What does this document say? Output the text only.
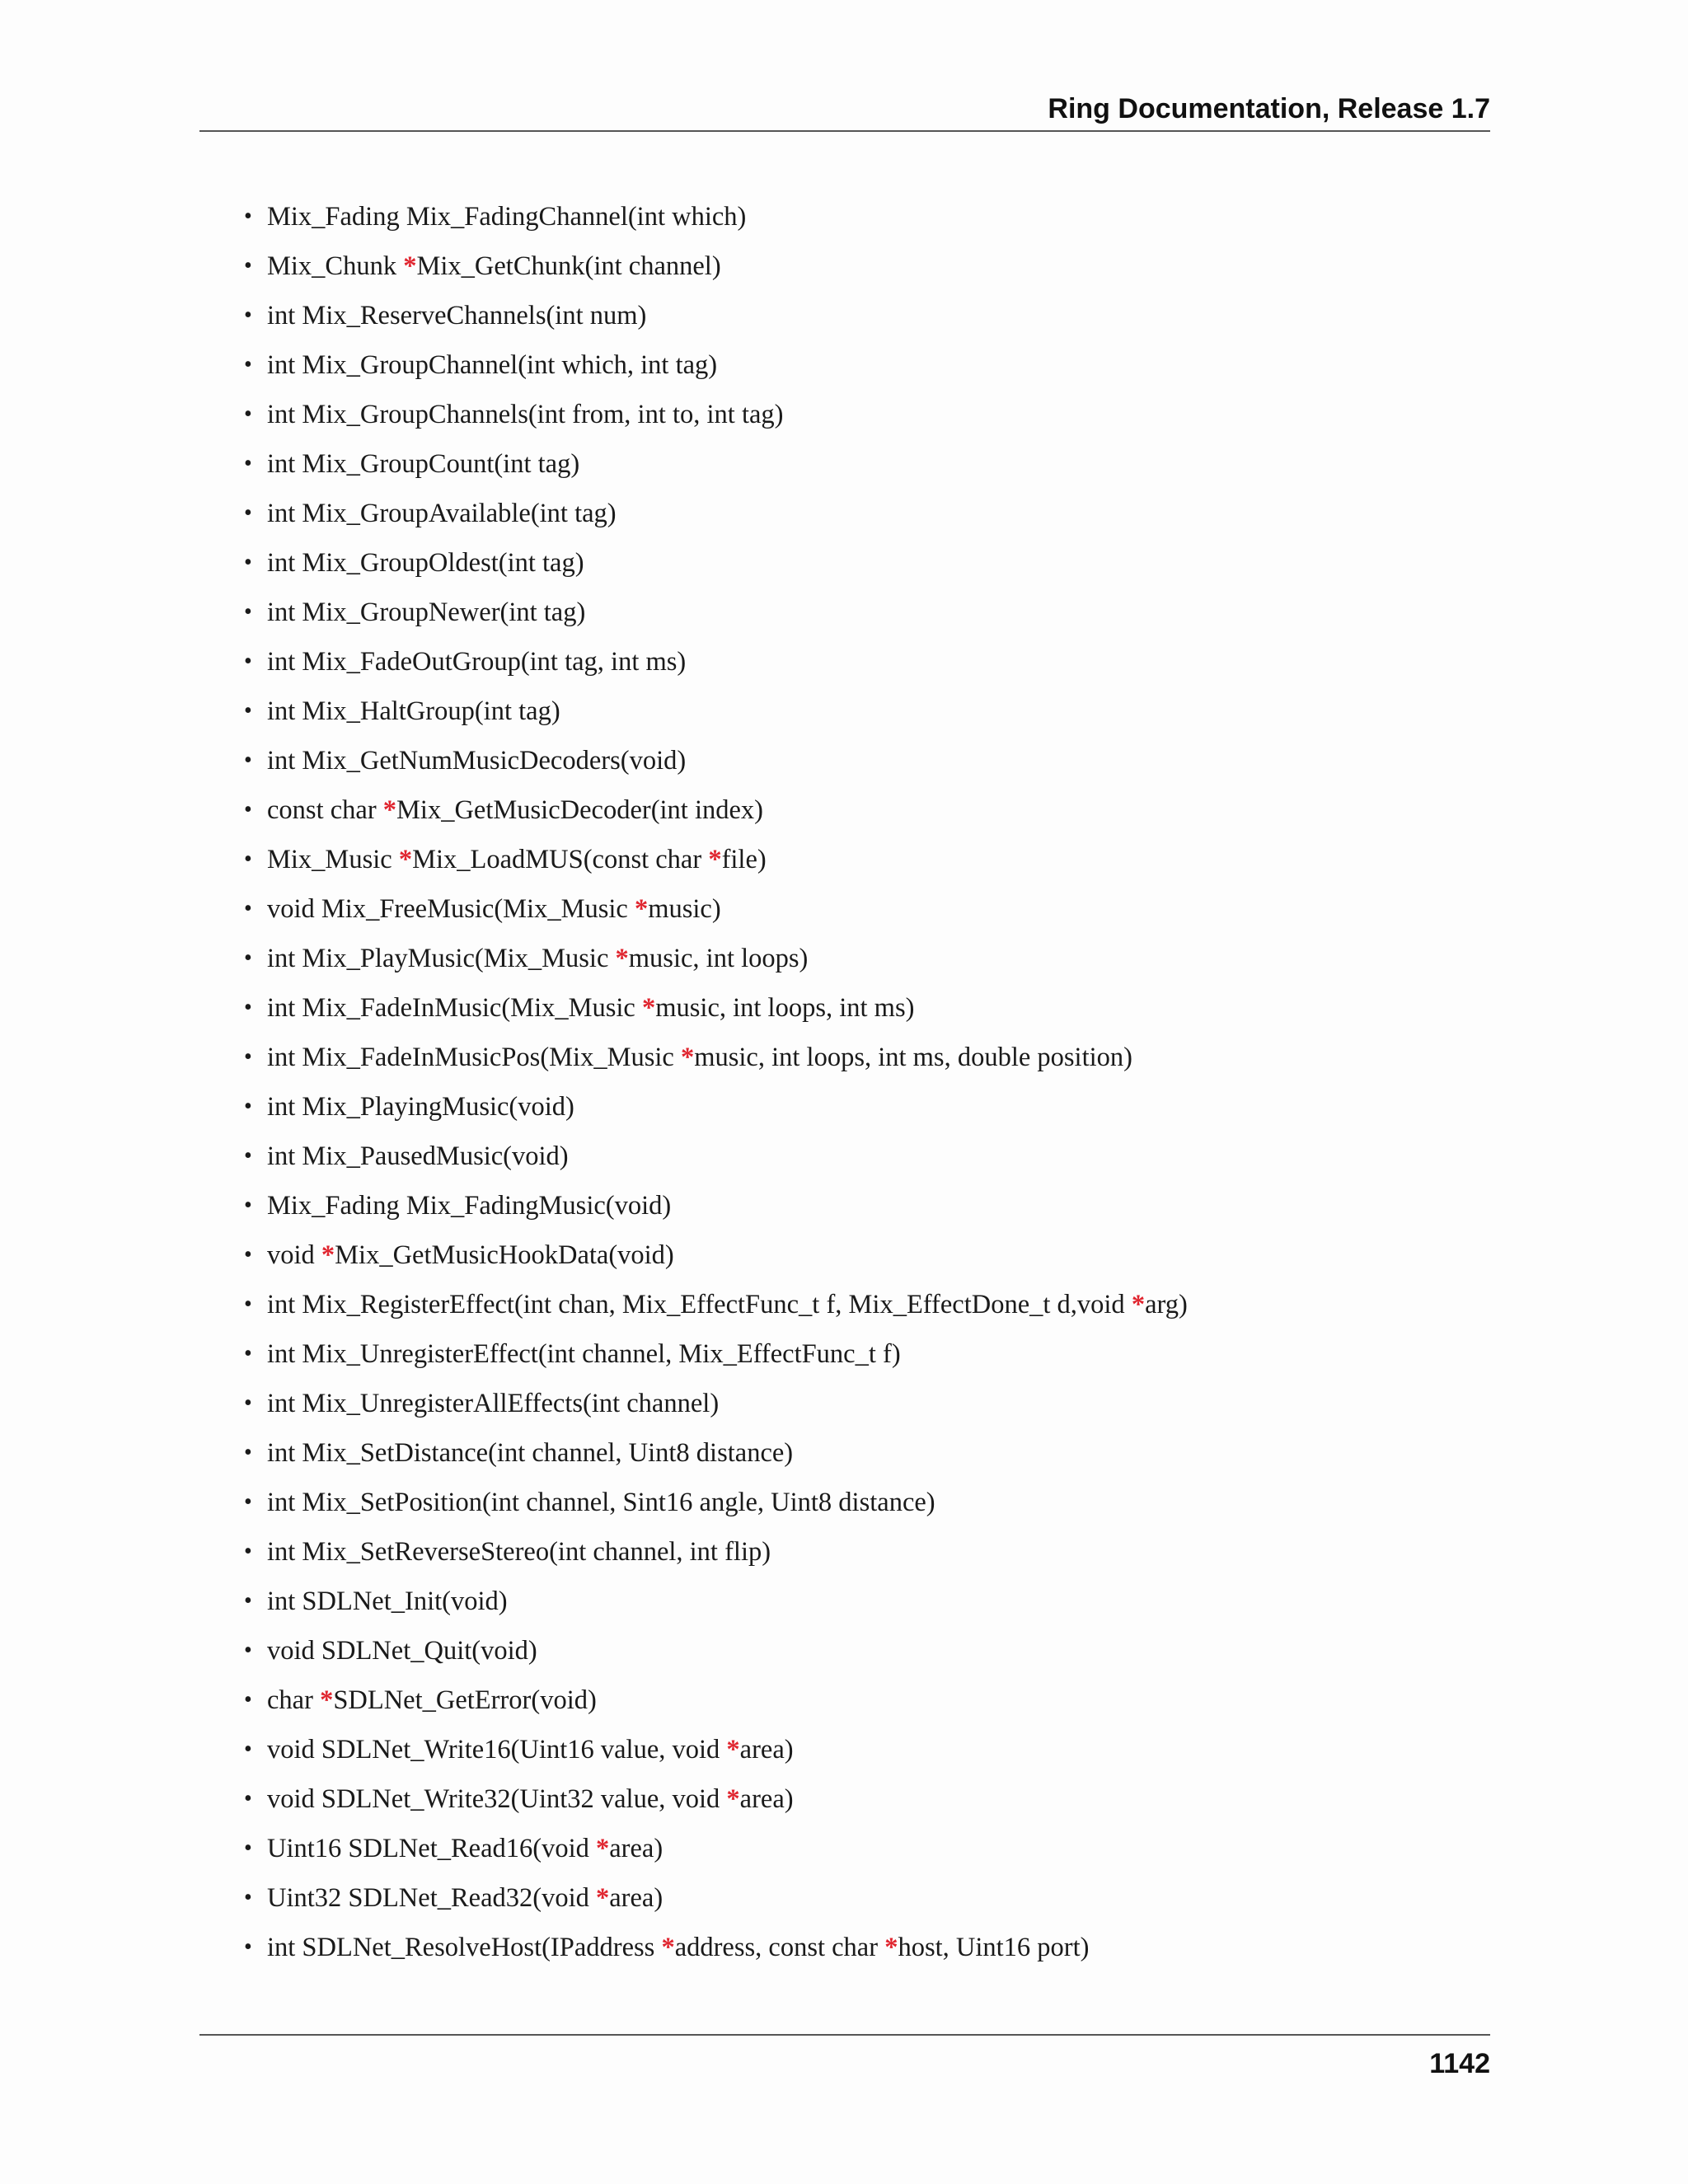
Ring Documentation, Release 1.7
• Mix_Fading Mix_FadingChannel(int which)
• Mix_Chunk *Mix_GetChunk(int channel)
• int Mix_ReserveChannels(int num)
• int Mix_GroupChannel(int which, int tag)
• int Mix_GroupChannels(int from, int to, int tag)
• int Mix_GroupCount(int tag)
• int Mix_GroupAvailable(int tag)
• int Mix_GroupOldest(int tag)
• int Mix_GroupNewer(int tag)
• int Mix_FadeOutGroup(int tag, int ms)
• int Mix_HaltGroup(int tag)
• int Mix_GetNumMusicDecoders(void)
• const char *Mix_GetMusicDecoder(int index)
• Mix_Music *Mix_LoadMUS(const char *file)
• void Mix_FreeMusic(Mix_Music *music)
• int Mix_PlayMusic(Mix_Music *music, int loops)
• int Mix_FadeInMusic(Mix_Music *music, int loops, int ms)
• int Mix_FadeInMusicPos(Mix_Music *music, int loops, int ms, double position)
• int Mix_PlayingMusic(void)
• int Mix_PausedMusic(void)
• Mix_Fading Mix_FadingMusic(void)
• void *Mix_GetMusicHookData(void)
• int Mix_RegisterEffect(int chan, Mix_EffectFunc_t f, Mix_EffectDone_t d,void *arg)
• int Mix_UnregisterEffect(int channel, Mix_EffectFunc_t f)
• int Mix_UnregisterAllEffects(int channel)
• int Mix_SetDistance(int channel, Uint8 distance)
• int Mix_SetPosition(int channel, Sint16 angle, Uint8 distance)
• int Mix_SetReverseStereo(int channel, int flip)
• int SDLNet_Init(void)
• void SDLNet_Quit(void)
• char *SDLNet_GetError(void)
• void SDLNet_Write16(Uint16 value, void *area)
• void SDLNet_Write32(Uint32 value, void *area)
• Uint16 SDLNet_Read16(void *area)
• Uint32 SDLNet_Read32(void *area)
• int SDLNet_ResolveHost(IPaddress *address, const char *host, Uint16 port)
1142
